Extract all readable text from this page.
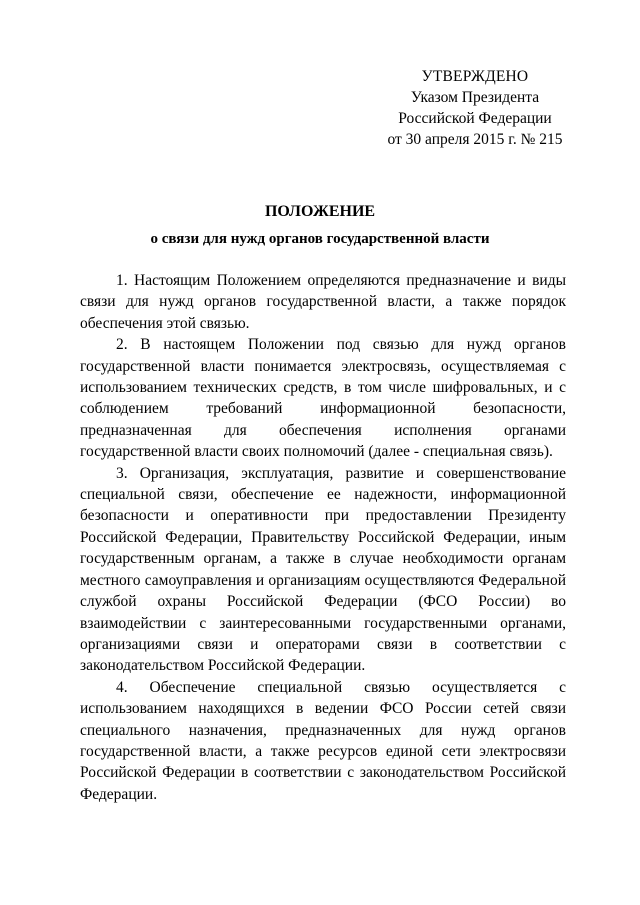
УТВЕРЖДЕНО
Указом Президента
Российской Федерации
от 30 апреля 2015 г. № 215
ПОЛОЖЕНИЕ
о связи для нужд органов государственной власти

1. Настоящим Положением определяются предназначение и виды связи для нужд органов государственной власти, а также порядок обеспечения этой связью.

2. В настоящем Положении под связью для нужд органов государственной власти понимается электросвязь, осуществляемая с использованием технических средств, в том числе шифровальных, и с соблюдением требований информационной безопасности, предназначенная для обеспечения исполнения органами государственной власти своих полномочий (далее - специальная связь).

3. Организация, эксплуатация, развитие и совершенствование специальной связи, обеспечение ее надежности, информационной безопасности и оперативности при предоставлении Президенту Российской Федерации, Правительству Российской Федерации, иным государственным органам, а также в случае необходимости органам местного самоуправления и организациям осуществляются Федеральной службой охраны Российской Федерации (ФСО России) во взаимодействии с заинтересованными государственными органами, организациями связи и операторами связи в соответствии с законодательством Российской Федерации.

4. Обеспечение специальной связью осуществляется с использованием находящихся в ведении ФСО России сетей связи специального назначения, предназначенных для нужд органов государственной власти, а также ресурсов единой сети электросвязи Российской Федерации в соответствии с законодательством Российской Федерации.
